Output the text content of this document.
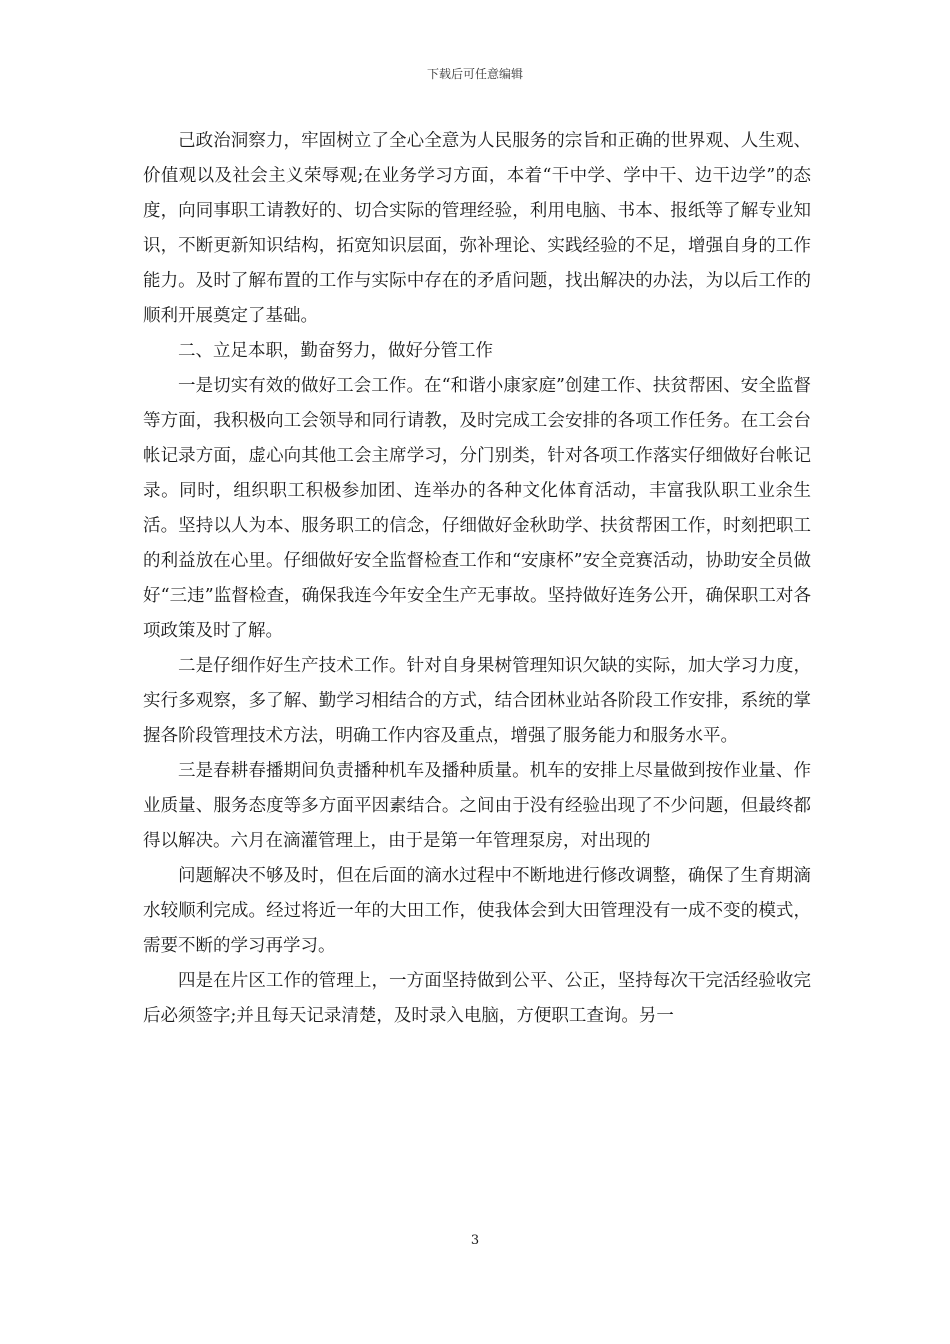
下载后可任意编辑

己政治洞察力，牢固树立了全心全意为人民服务的宗旨和正确的世界观、人生观、价值观以及社会主义荣辱观;在业务学习方面，本着“干中学、学中干、边干边学”的态度，向同事职工请教好的、切合实际的管理经验，利用电脑、书本、报纸等了解专业知识，不断更新知识结构，拓宽知识层面，弥补理论、实践经验的不足，增强自身的工作能力。及时了解布置的工作与实际中存在的矛盾问题，找出解决的办法，为以后工作的顺利开展奠定了基础。

二、立足本职，勤奋努力，做好分管工作

一是切实有效的做好工会工作。在“和谐小康家庭”创建工作、扶贫帮困、安全监督等方面，我积极向工会领导和同行请教，及时完成工会安排的各项工作任务。在工会台帐记录方面，虚心向其他工会主席学习，分门别类，针对各项工作落实仔细做好台帐记录。同时，组织职工积极参加团、连举办的各种文化体育活动，丰富我队职工业余生活。坚持以人为本、服务职工的信念，仔细做好金秋助学、扶贫帮困工作，时刻把职工的利益放在心里。仔细做好安全监督检查工作和“安康杯”安全竞赛活动，协助安全员做好“三违”监督检查，确保我连今年安全生产无事故。坚持做好连务公开，确保职工对各项政策及时了解。

二是仔细作好生产技术工作。针对自身果树管理知识欠缺的实际，加大学习力度，实行多观察，多了解、勤学习相结合的方式，结合团林业站各阶段工作安排，系统的掌握各阶段管理技术方法，明确工作内容及重点，增强了服务能力和服务水平。

三是春耕春播期间负责播种机车及播种质量。机车的安排上尽量做到按作业量、作业质量、服务态度等多方面平因素结合。之间由于没有经验出现了不少问题，但最终都得以解决。六月在滴灌管理上，由于是第一年管理泵房，对出现的

问题解决不够及时，但在后面的滴水过程中不断地进行修改调整，确保了生育期滴水较顺利完成。经过将近一年的大田工作，使我体会到大田管理没有一成不变的模式，需要不断的学习再学习。

四是在片区工作的管理上，一方面坚持做到公平、公正，坚持每次干完活经验收完后必须签字;并且每天记录清楚，及时录入电脑，方便职工查询。另一

3
